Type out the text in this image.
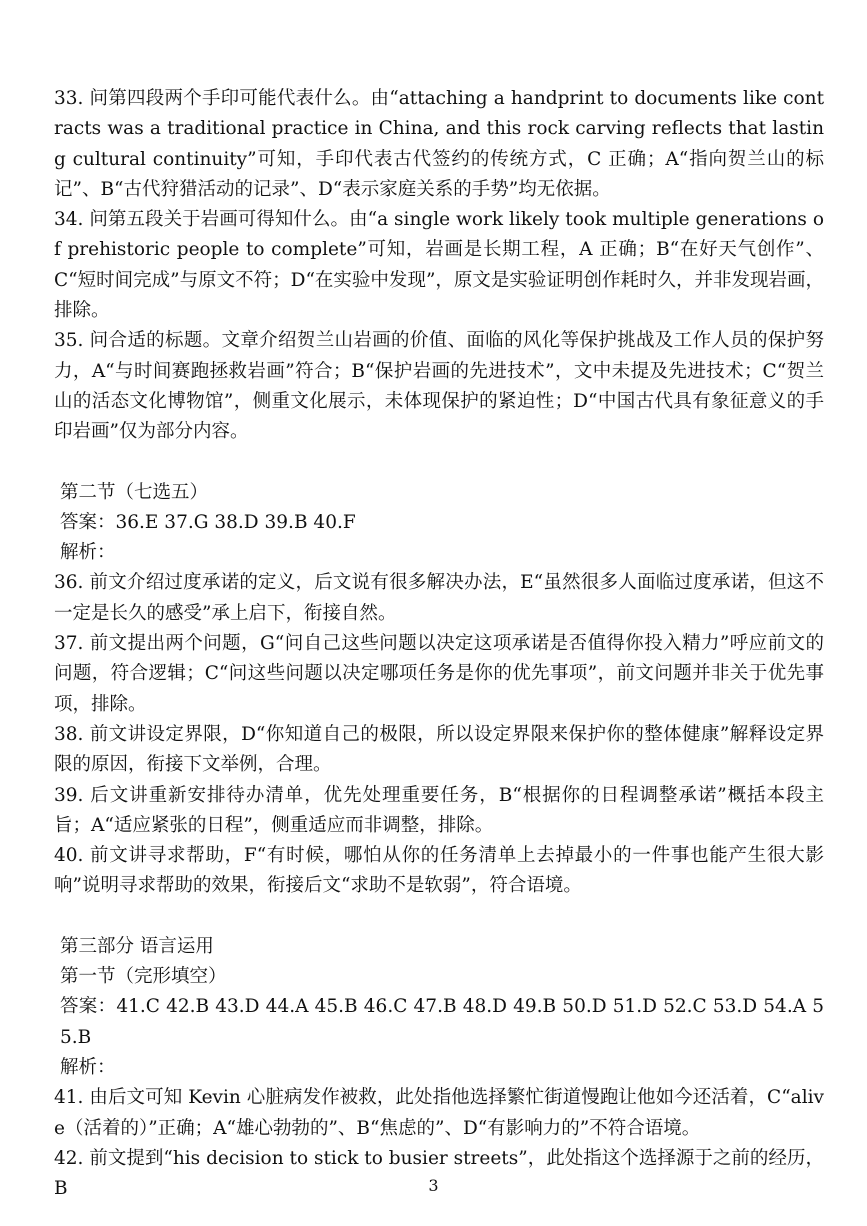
33. 问第四段两个手印可能代表什么。由“attaching a handprint to documents like contracts was a traditional practice in China, and this rock carving reflects that lasting cultural continuity”可知，手印代表古代签约的传统方式，C 正确；A“指向贺兰山的标记”、B“古代狩猎活动的记录”、D“表示家庭关系的手势”均无依据。

34. 问第五段关于岩画可得知什么。由“a single work likely took multiple generations of prehistoric people to complete”可知，岩画是长期工程，A 正确；B“在好天气创作”、C“短时间完成”与原文不符；D“在实验中发现”，原文是实验证明创作耗时久，并非发现岩画，排除。

35. 问合适的标题。文章介绍贺兰山岩画的价值、面临的风化等保护挑战及工作人员的保护努力，A“与时间赛跑拯救岩画”符合；B“保护岩画的先进技术”，文中未提及先进技术；C“贺兰山的活态文化博物馆”，侧重文化展示，未体现保护的紧迫性；D“中国古代具有象征意义的手印岩画”仅为部分内容。

第二节（七选五）

答案：36.E 37.G 38.D 39.B 40.F

解析：

36. 前文介绍过度承诺的定义，后文说有很多解决办法，E“虽然很多人面临过度承诺，但这不一定是长久的感受”承上启下，衔接自然。

37. 前文提出两个问题，G“问自己这些问题以决定这项承诺是否值得你投入精力”呼应前文的问题，符合逻辑；C“问这些问题以决定哪项任务是你的优先事项”，前文问题并非关于优先事项，排除。

38. 前文讲设定界限，D“你知道自己的极限，所以设定界限来保护你的整体健康”解释设定界限的原因，衔接下文举例，合理。

39. 后文讲重新安排待办清单，优先处理重要任务，B“根据你的日程调整承诺”概括本段主旨；A“适应紧张的日程”，侧重适应而非调整，排除。

40. 前文讲寻求帮助，F“有时候，哪怕从你的任务清单上去掉最小的一件事也能产生很大影响”说明寻求帮助的效果，衔接后文“求助不是软弱”，符合语境。

第三部分 语言运用

第一节（完形填空）

答案：41.C 42.B 43.D 44.A 45.B 46.C 47.B 48.D 49.B 50.D 51.D 52.C 53.D 54.A 55.B

解析：

41. 由后文可知 Kevin 心脏病发作被救，此处指他选择繁忙街道慢跑让他如今还活着，C“alive（活着的）”正确；A“雄心勃勃的”、B“焦虑的”、D“有影响力的”不符合语境。

42. 前文提到“his decision to stick to busier streets”，此处指这个选择源于之前的经历，B	3
